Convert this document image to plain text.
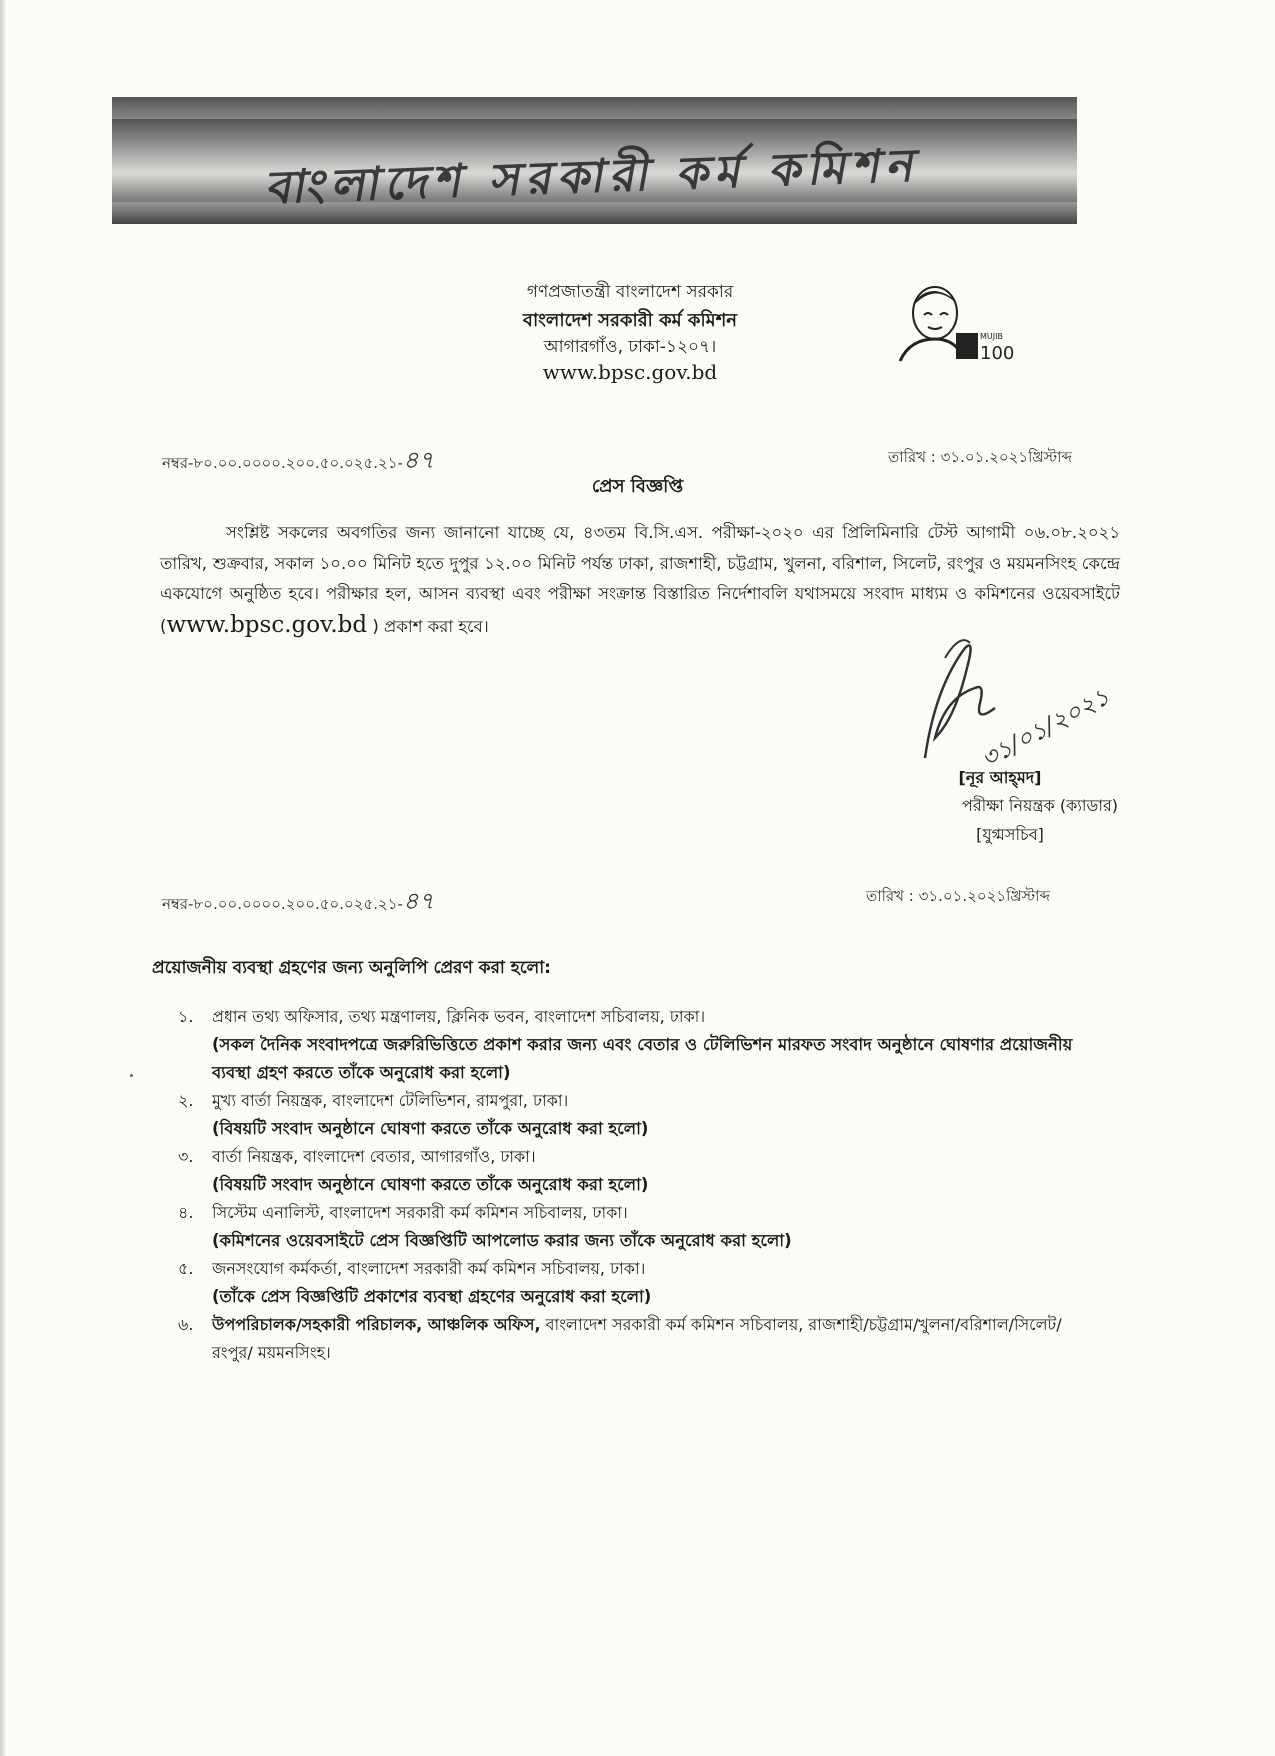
বাংলাদেশ সরকারী কর্ম কমিশন
গণপ্রজাতন্ত্রী বাংলাদেশ সরকার
বাংলাদেশ সরকারী কর্ম কমিশন
আগারগাঁও, ঢাকা-১২০৭।
www.bpsc.gov.bd
MUJIB
100
নম্বর-৮০.০০.০০০০.২০০.৫০.০২৫.২১-৪৭	তারিখ : ৩১.০১.২০২১খ্রিস্টাব্দ
প্রেস বিজ্ঞপ্তি
সংশ্লিষ্ট সকলের অবগতির জন্য জানানো যাচ্ছে যে, ৪৩তম বি.সি.এস. পরীক্ষা-২০২০ এর প্রিলিমিনারি টেস্ট আগামী ০৬.০৮.২০২১ তারিখ, শুক্রবার, সকাল ১০.০০ মিনিট হতে দুপুর ১২.০০ মিনিট পর্যন্ত ঢাকা, রাজশাহী, চট্টগ্রাম, খুলনা, বরিশাল, সিলেট, রংপুর ও ময়মনসিংহ কেন্দ্রে একযোগে অনুষ্ঠিত হবে। পরীক্ষার হল, আসন ব্যবস্থা এবং পরীক্ষা সংক্রান্ত বিস্তারিত নির্দেশাবলি যথাসময়ে সংবাদ মাধ্যম ও কমিশনের ওয়েবসাইটে (www.bpsc.gov.bd ) প্রকাশ করা হবে।
৩১/০১/২০২১
[নূর আহ্‌মদ]
পরীক্ষা নিয়ন্ত্রক (ক্যাডার)
[যুগ্মসচিব]
নম্বর-৮০.০০.০০০০.২০০.৫০.০২৫.২১-৪৭	তারিখ : ৩১.০১.২০২১খ্রিস্টাব্দ
প্রয়োজনীয় ব্যবস্থা গ্রহণের জন্য অনুলিপি প্রেরণ করা হলো:
১.	প্রধান তথ্য অফিসার, তথ্য মন্ত্রণালয়, ক্লিনিক ভবন, বাংলাদেশ সচিবালয়, ঢাকা।
(সকল দৈনিক সংবাদপত্রে জরুরিভিত্তিতে প্রকাশ করার জন্য এবং বেতার ও টেলিভিশন মারফত সংবাদ অনুষ্ঠানে ঘোষণার প্রয়োজনীয় ব্যবস্থা গ্রহণ করতে তাঁকে অনুরোধ করা হলো)
২.	মুখ্য বার্তা নিয়ন্ত্রক, বাংলাদেশ টেলিভিশন, রামপুরা, ঢাকা।
(বিষয়টি সংবাদ অনুষ্ঠানে ঘোষণা করতে তাঁকে অনুরোধ করা হলো)
৩.	বার্তা নিয়ন্ত্রক, বাংলাদেশ বেতার, আগারগাঁও, ঢাকা।
(বিষয়টি সংবাদ অনুষ্ঠানে ঘোষণা করতে তাঁকে অনুরোধ করা হলো)
৪.	সিস্টেম এনালিস্ট, বাংলাদেশ সরকারী কর্ম কমিশন সচিবালয়, ঢাকা।
(কমিশনের ওয়েবসাইটে প্রেস বিজ্ঞপ্তিটি আপলোড করার জন্য তাঁকে অনুরোধ করা হলো)
৫.	জনসংযোগ কর্মকর্তা, বাংলাদেশ সরকারী কর্ম কমিশন সচিবালয়, ঢাকা।
(তাঁকে প্রেস বিজ্ঞপ্তিটি প্রকাশের ব্যবস্থা গ্রহণের অনুরোধ করা হলো)
৬.	উপপরিচালক/সহকারী পরিচালক, আঞ্চলিক অফিস, বাংলাদেশ সরকারী কর্ম কমিশন সচিবালয়, রাজশাহী/চট্টগ্রাম/খুলনা/বরিশাল/সিলেট/রংপুর/ ময়মনসিংহ।
